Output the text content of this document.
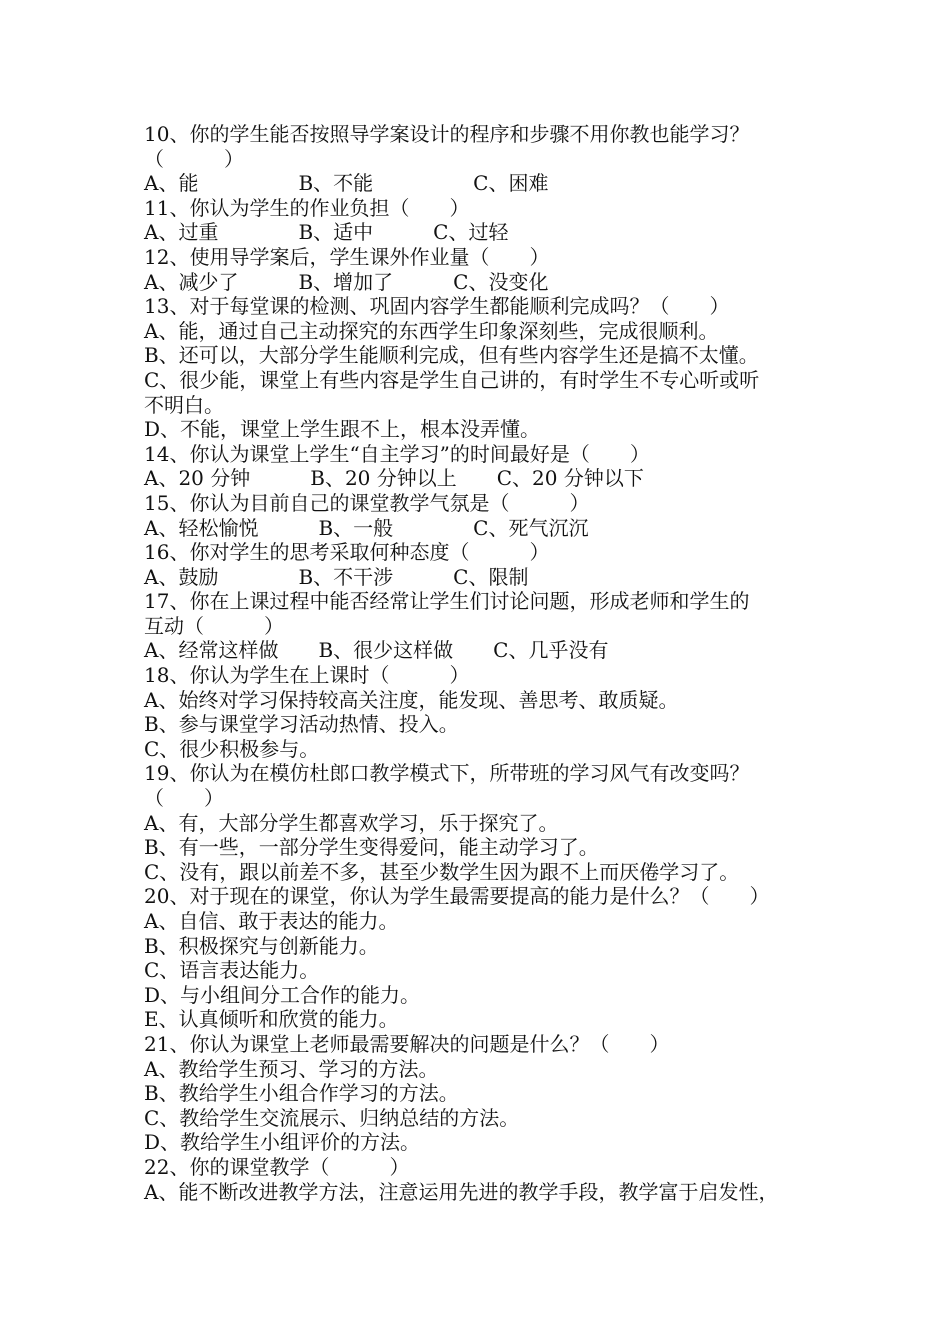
10、你的学生能否按照导学案设计的程序和步骤不用你教也能学习？
（　　　）
A、能　　　　　B、不能　　　　　C、困难
11、你认为学生的作业负担（　　）
A、过重　　　　B、适中　　　C、过轻
12、使用导学案后，学生课外作业量（　　）
A、减少了　　　B、增加了　　　C、没变化
13、对于每堂课的检测、巩固内容学生都能顺利完成吗？（　　）
A、能，通过自己主动探究的东西学生印象深刻些，完成很顺利。
B、还可以，大部分学生能顺利完成，但有些内容学生还是搞不太懂。
C、很少能，课堂上有些内容是学生自己讲的，有时学生不专心听或听
不明白。
D、不能，课堂上学生跟不上，根本没弄懂。
14、你认为课堂上学生“自主学习”的时间最好是（　　）
A、20 分钟　　　B、20 分钟以上　　C、20 分钟以下
15、你认为目前自己的课堂教学气氛是（　　　）
A、轻松愉悦　　　B、一般　　　　C、死气沉沉
16、你对学生的思考采取何种态度（　　　）
A、鼓励　　　　B、不干涉　　　C、限制
17、你在上课过程中能否经常让学生们讨论问题，形成老师和学生的
互动（　　　）
A、经常这样做　　B、很少这样做　　C、几乎没有
18、你认为学生在上课时（　　　）
A、始终对学习保持较高关注度，能发现、善思考、敢质疑。
B、参与课堂学习活动热情、投入。
C、很少积极参与。
19、你认为在模仿杜郎口教学模式下，所带班的学习风气有改变吗？
（　　）
A、有，大部分学生都喜欢学习，乐于探究了。
B、有一些，一部分学生变得爱问，能主动学习了。
C、没有，跟以前差不多，甚至少数学生因为跟不上而厌倦学习了。
20、对于现在的课堂，你认为学生最需要提高的能力是什么？（　　）
A、自信、敢于表达的能力。
B、积极探究与创新能力。
C、语言表达能力。
D、与小组间分工合作的能力。
E、认真倾听和欣赏的能力。
21、你认为课堂上老师最需要解决的问题是什么？（　　）
A、教给学生预习、学习的方法。
B、教给学生小组合作学习的方法。
C、教给学生交流展示、归纳总结的方法。
D、教给学生小组评价的方法。
22、你的课堂教学（　　　）
A、能不断改进教学方法，注意运用先进的教学手段，教学富于启发性，
